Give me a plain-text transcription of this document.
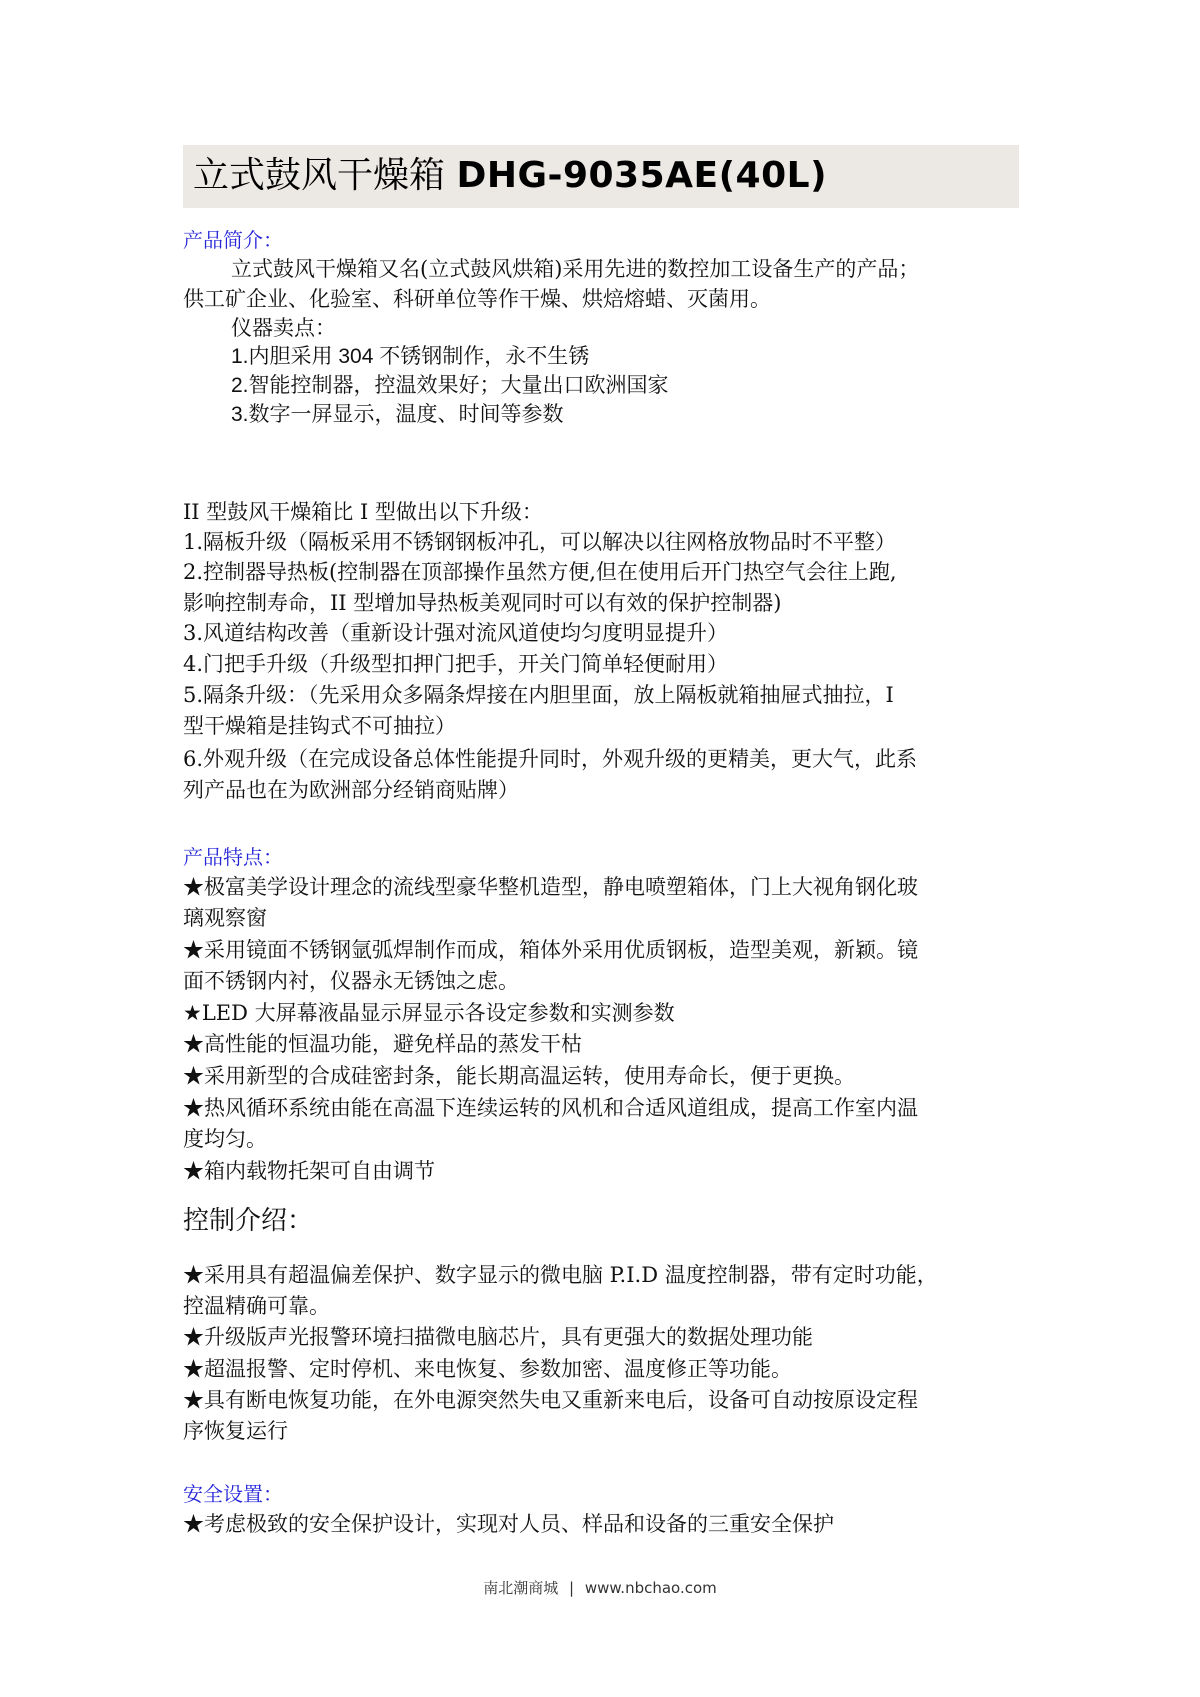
立式鼓风干燥箱 DHG-9035AE(40L)
产品简介：
立式鼓风干燥箱又名(立式鼓风烘箱)采用先进的数控加工设备生产的产品；
供工矿企业、化验室、科研单位等作干燥、烘焙熔蜡、灭菌用。
仪器卖点：
1.内胆采用 304 不锈钢制作，永不生锈
2.智能控制器，控温效果好；大量出口欧洲国家
3.数字一屏显示，温度、时间等参数
II 型鼓风干燥箱比 I 型做出以下升级：
1.隔板升级（隔板采用不锈钢钢板冲孔，可以解决以往网格放物品时不平整）
2.控制器导热板(控制器在顶部操作虽然方便,但在使用后开门热空气会往上跑,
影响控制寿命，II 型增加导热板美观同时可以有效的保护控制器)
3.风道结构改善（重新设计强对流风道使均匀度明显提升）
4.门把手升级（升级型扣押门把手，开关门简单轻便耐用）
5.隔条升级：（先采用众多隔条焊接在内胆里面，放上隔板就箱抽屉式抽拉，I
型干燥箱是挂钩式不可抽拉）
6.外观升级（在完成设备总体性能提升同时，外观升级的更精美，更大气，此系
列产品也在为欧洲部分经销商贴牌）
产品特点：
★极富美学设计理念的流线型豪华整机造型，静电喷塑箱体，门上大视角钢化玻
璃观察窗
★采用镜面不锈钢氩弧焊制作而成，箱体外采用优质钢板，造型美观，新颖。镜
面不锈钢内衬，仪器永无锈蚀之虑。
★LED 大屏幕液晶显示屏显示各设定参数和实测参数
★高性能的恒温功能，避免样品的蒸发干枯
★采用新型的合成硅密封条，能长期高温运转，使用寿命长，便于更换。
★热风循环系统由能在高温下连续运转的风机和合适风道组成，提高工作室内温
度均匀。
★箱内载物托架可自由调节
控制介绍：
★采用具有超温偏差保护、数字显示的微电脑 P.I.D 温度控制器，带有定时功能，
控温精确可靠。
★升级版声光报警环境扫描微电脑芯片，具有更强大的数据处理功能
★超温报警、定时停机、来电恢复、参数加密、温度修正等功能。
★具有断电恢复功能，在外电源突然失电又重新来电后，设备可自动按原设定程
序恢复运行
安全设置：
★考虑极致的安全保护设计，实现对人员、样品和设备的三重安全保护
南北潮商城 | www.nbchao.com
